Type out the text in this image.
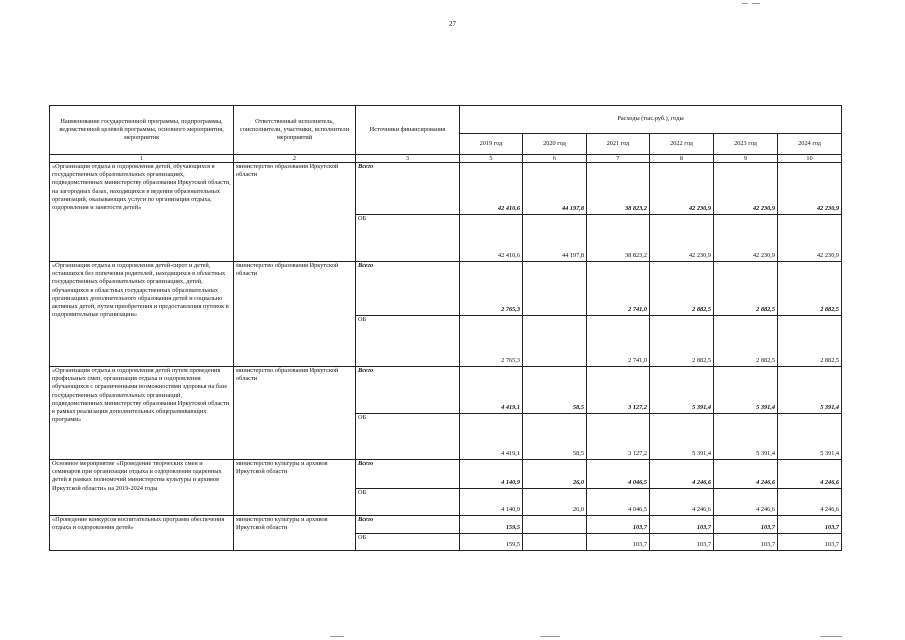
27
Наименование государственной программы, подпрограммы, ведомственной целевой программы, основного мероприятия, мероприятия	Ответственный исполнитель, соисполнители, участники, исполнители мероприятий	Источники финансирования	Расходы (тыс.руб.), годы					
			2019 год	2020 год	2021 год	2022 год	2023 год	2024 год
1	2	3	5	6	7	8	9	10
«Организация отдыха и оздоровления детей, обучающихся в государственных образовательных организациях, подведомственных министерству образования Иркутской области, на загородных базах, находящихся в ведении образовательных организаций, оказывающих услуги по организации отдыха, оздоровления и занятости детей»	министерство образования Иркутской области	Всего	42 410,6	44 197,8	38 823,2	42 230,9	42 230,9	42 230,9
		ОБ	42 410,6	44 197,8	38 823,2	42 230,9	42 230,9	42 230,9
«Организация отдыха и оздоровления детей-сирот и детей, оставшихся без попечения родителей, находящихся в областных государственных образовательных организациях, детей, обучающихся в областных государственных образовательных организациях дополнительного образования детей и социально активных детей, путем приобретения и предоставления путевок в оздоровительные организации»	министерство образования Иркутской области	Всего	2 765,3		2 741,0	2 882,5	2 882,5	2 882,5
		ОБ	2 765,3		2 741,0	2 882,5	2 882,5	2 882,5
«Организация отдыха и оздоровления детей путем проведения профильных смен, организация отдыха и оздоровления обучающихся с ограниченными возможностями здоровья на базе государственных образовательных организаций, подведомственных министерству образования Иркутской области в рамках реализации дополнительных общеразвивающих программ»	министерство образования Иркутской области	Всего	4 419,1	58,5	3 127,2	5 391,4	5 391,4	5 391,4
		ОБ	4 419,1	58,5	3 127,2	5 391,4	5 391,4	5 391,4
Основное мероприятие «Проведение творческих смен и семинаров при организации отдыха и оздоровления одаренных детей в рамках полномочий министерства культуры и архивов Иркутской области» на 2019-2024 годы	министерство культуры и архивов Иркутской области	Всего	4 140,9	26,0	4 046,5	4 246,6	4 246,6	4 246,6
		ОБ	4 140,9	26,0	4 046,5	4 246,6	4 246,6	4 246,6
«Проведение конкурсов воспитательных программ обеспечения отдыха и оздоровления детей»	министерство культуры и архивов Иркутской области	Всего	159,5		103,7	103,7	103,7	103,7
		ОБ	159,5		103,7	103,7	103,7	103,7
